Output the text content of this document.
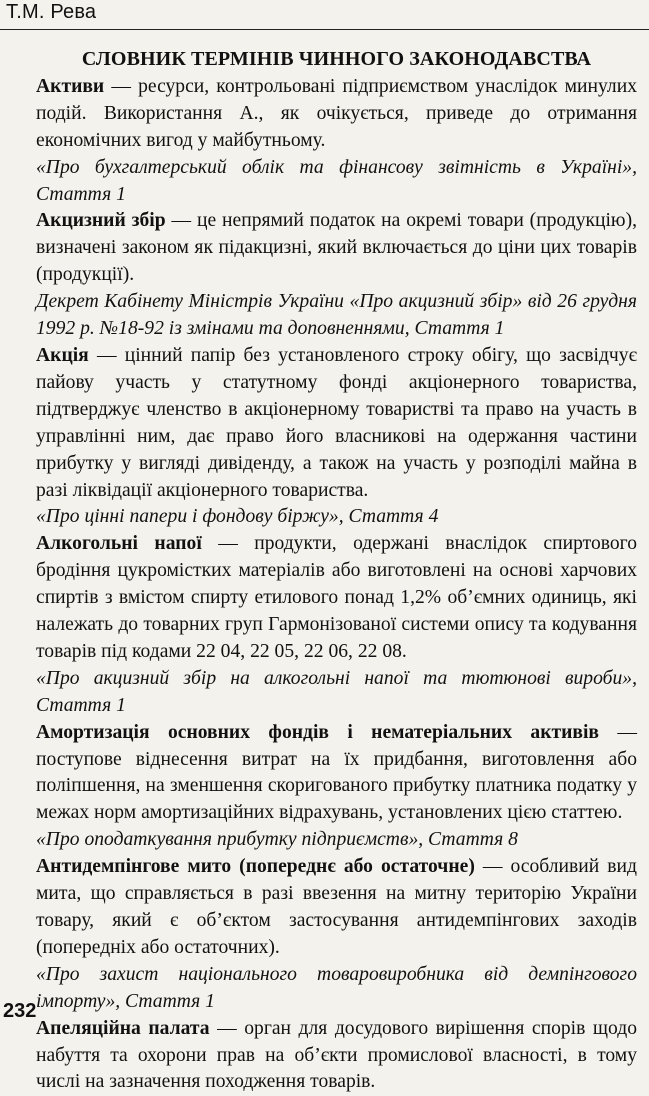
Т.М. Рева
СЛОВНИК ТЕРМІНІВ ЧИННОГО ЗАКОНОДАВСТВА

Активи — ресурси, контрольовані підприємством унаслідок минулих подій. Використання А., як очікується, приведе до отримання економічних вигод у майбутньому.

«Про бухгалтерський облік та фінансову звітність в Україні», Стаття 1

Акцизний збір — це непрямий податок на окремі товари (продукцію), визначені законом як підакцизні, який включається до ціни цих товарів (продукції).

Декрет Кабінету Міністрів України «Про акцизний збір» від 26 грудня 1992 р. №18-92 із змінами та доповненнями, Стаття 1

Акція — цінний папір без установленого строку обігу, що засвідчує пайову участь у статутному фонді акціонерного товариства, підтверджує членство в акціонерному товаристві та право на участь в управлінні ним, дає право його власникові на одержання частини прибутку у вигляді дивіденду, а також на участь у розподілі майна в разі ліквідації акціонерного товариства.

«Про цінні папери і фондову біржу», Стаття 4

Алкогольні напої — продукти, одержані внаслідок спиртового бродіння цукромістких матеріалів або виготовлені на основі харчових спиртів з вмістом спирту етилового понад 1,2% об’ємних одиниць, які належать до товарних груп Гармонізованої системи опису та кодування товарів під кодами 22 04, 22 05, 22 06, 22 08.

«Про акцизний збір на алкогольні напої та тютюнові вироби», Стаття 1

Амортизація основних фондів і нематеріальних активів — поступове віднесення витрат на їх придбання, виготовлення або поліпшення, на зменшення скоригованого прибутку платника податку у межах норм амортизаційних відрахувань, установлених цією статтею.

«Про оподаткування прибутку підприємств», Стаття 8

Антидемпінгове мито (попереднє або остаточне) — особливий вид мита, що справляється в разі ввезення на митну територію України товару, який є об’єктом застосування антидемпінгових заходів (попередніх або остаточних).

«Про захист національного товаровиробника від демпінгового імпорту», Стаття 1

Апеляційна палата — орган для досудового вирішення спорів щодо набуття та охорони прав на об’єкти промислової власності, в тому числі на зазначення походження товарів.

232
